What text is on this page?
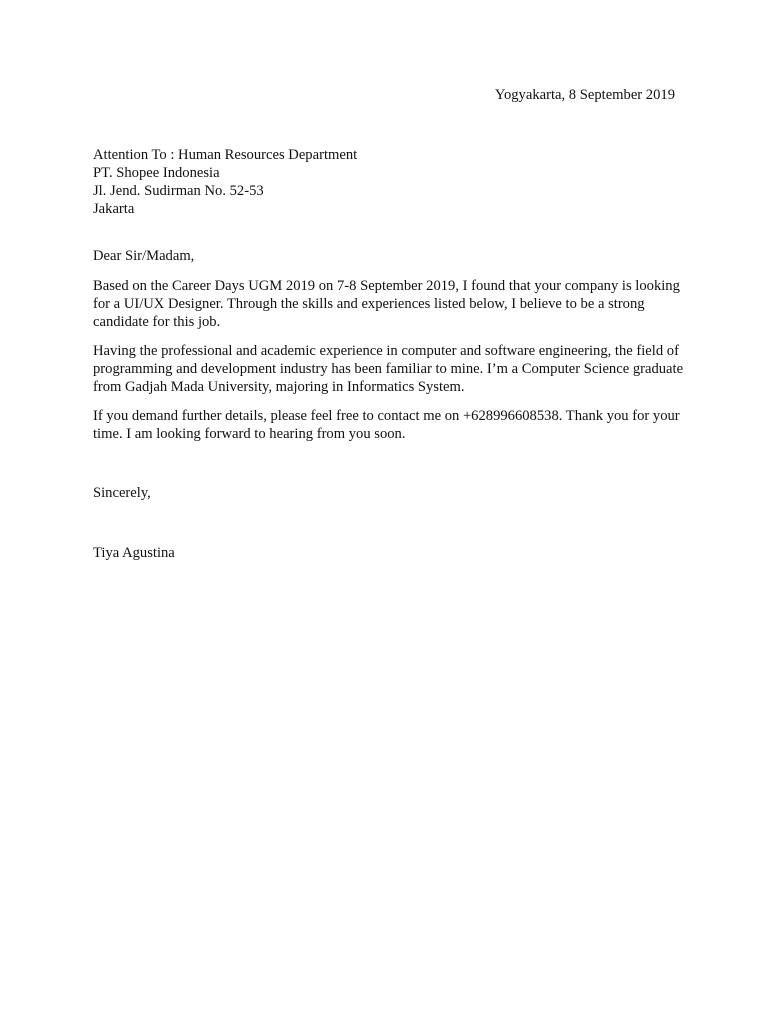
Yogyakarta, 8 September 2019
Attention To : Human Resources Department
PT. Shopee Indonesia
Jl. Jend. Sudirman No. 52-53
Jakarta
Dear Sir/Madam,
Based on the Career Days UGM 2019 on 7-8 September 2019, I found that your company is looking
for a UI/UX Designer. Through the skills and experiences listed below, I believe to be a strong
candidate for this job.
Having the professional and academic experience in computer and software engineering, the field of
programming and development industry has been familiar to mine. I’m a Computer Science graduate
from Gadjah Mada University, majoring in Informatics System.
If you demand further details, please feel free to contact me on +628996608538. Thank you for your
time. I am looking forward to hearing from you soon.
Sincerely,
Tiya Agustina
